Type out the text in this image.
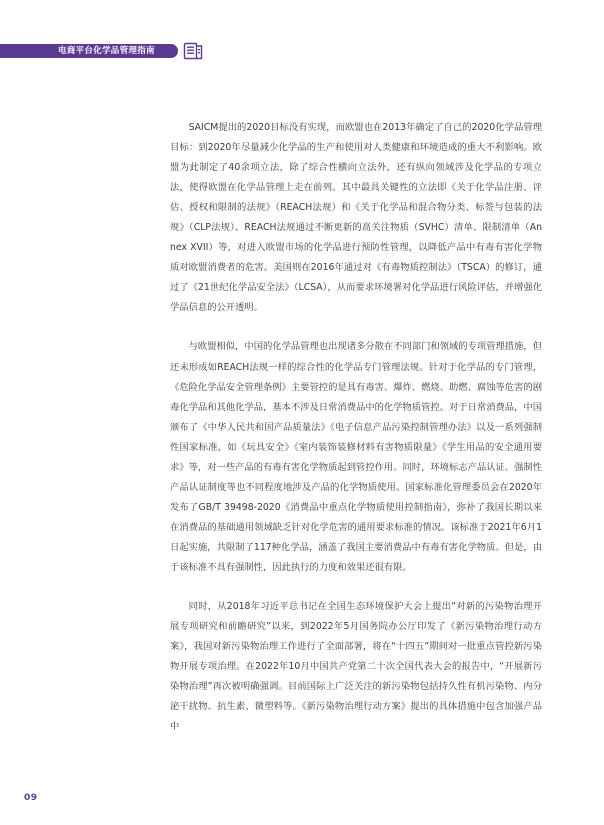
电商平台化学品管理指南

SAICM提出的2020目标没有实现，而欧盟也在2013年确定了自己的2020化学品管理目标：到2020年尽量减少化学品的生产和使用对人类健康和环境造成的重大不利影响。欧盟为此制定了40余项立法，除了综合性横向立法外，还有纵向领域涉及化学品的专项立法，使得欧盟在化学品管理上走在前列。其中最具关键性的立法即《关于化学品注册、评估、授权和限制的法规》（REACH法规）和《关于化学品和混合物分类、标签与包装的法规》（CLP法规）。REACH法规通过不断更新的高关注物质（SVHC）清单、限制清单（Annex XVII）等，对进入欧盟市场的化学品进行预防性管理，以降低产品中有毒有害化学物质对欧盟消费者的危害。美国则在2016年通过对《有毒物质控制法》（TSCA）的修订，通过了《21世纪化学品安全法》（LCSA），从而要求环境署对化学品进行风险评估，并增强化学品信息的公开透明。

与欧盟相似，中国的化学品管理也出现诸多分散在不同部门和领域的专项管理措施，但还未形成如REACH法规一样的综合性的化学品专门管理法规。针对于化学品的专门管理，《危险化学品安全管理条例》主要管控的是具有毒害、爆炸、燃烧、助燃、腐蚀等危害的剧毒化学品和其他化学品，基本不涉及日常消费品中的化学物质管控。对于日常消费品，中国颁布了《中华人民共和国产品质量法》《电子信息产品污染控制管理办法》以及一系列强制性国家标准，如《玩具安全》《室内装饰装修材料有害物质限量》《学生用品的安全通用要求》等，对一些产品的有毒有害化学物质起到管控作用。同时，环境标志产品认证、强制性产品认证制度等也不同程度地涉及产品的化学物质使用。国家标准化管理委员会在2020年发布了GB/T 39498-2020《消费品中重点化学物质使用控制指南》，弥补了我国长期以来在消费品的基础通用领域缺乏针对化学危害的通用要求标准的情况。该标准于2021年6月1日起实施，共限制了117种化学品，涵盖了我国主要消费品中有毒有害化学物质。但是，由于该标准不具有强制性，因此执行的力度和效果还很有限。

同时，从2018年习近平总书记在全国生态环境保护大会上提出“对新的污染物治理开展专项研究和前瞻研究”以来，到2022年5月国务院办公厅印发了《新污染物治理行动方案》，我国对新污染物治理工作进行了全面部署，将在“十四五”期间对一批重点管控新污染物开展专项治理。在2022年10月中国共产党第二十次全国代表大会的报告中，“开展新污染物治理”再次被明确强调。目前国际上广泛关注的新污染物包括持久性有机污染物、内分泌干扰物、抗生素、微塑料等。《新污染物治理行动方案》提出的具体措施中包含加强产品中

09
